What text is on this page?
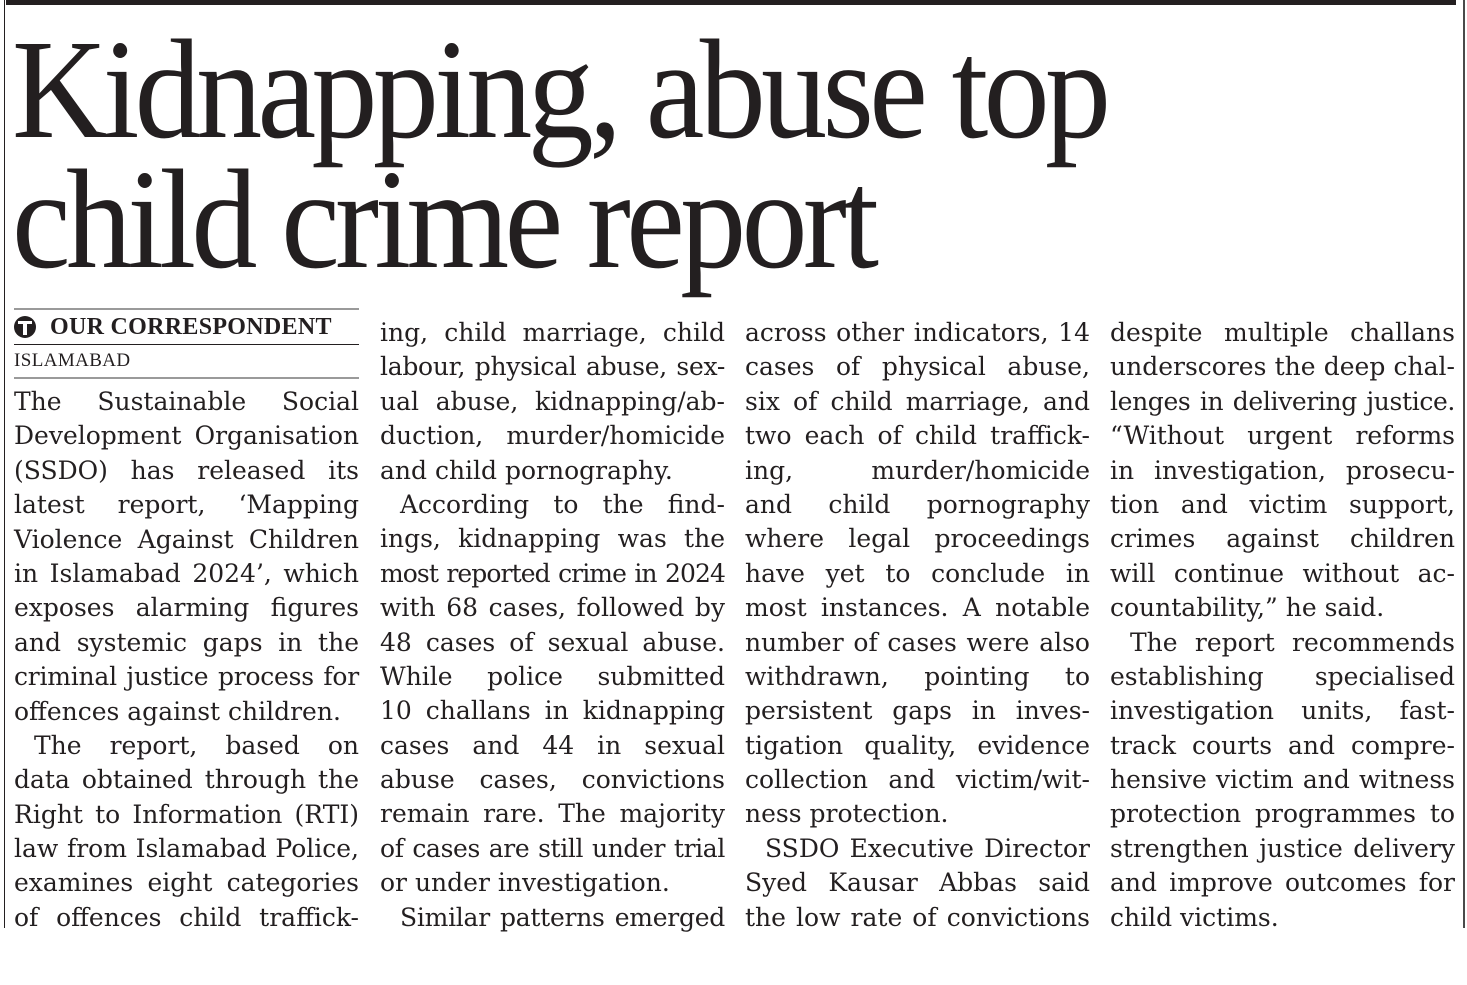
Kidnapping, abuse top
child crime report
OUR CORRESPONDENT
ISLAMABAD
The Sustainable Social
Development Organisation
(SSDO) has released its
latest report, ‘Mapping
Violence Against Children
in Islamabad 2024’, which
exposes alarming figures
and systemic gaps in the
criminal justice process for
offences against children.
The report, based on
data obtained through the
Right to Information (RTI)
law from Islamabad Police,
examines eight categories
of offences child traffick-
ing, child marriage, child
labour, physical abuse, sex-
ual abuse, kidnapping/ab-
duction, murder/homicide
and child pornography.
According to the find-
ings, kidnapping was the
most reported crime in 2024
with 68 cases, followed by
48 cases of sexual abuse.
While police submitted
10 challans in kidnapping
cases and 44 in sexual
abuse cases, convictions
remain rare. The majority
of cases are still under trial
or under investigation.
Similar patterns emerged
across other indicators, 14
cases of physical abuse,
six of child marriage, and
two each of child traffick-
ing, murder/homicide
and child pornography
where legal proceedings
have yet to conclude in
most instances. A notable
number of cases were also
withdrawn, pointing to
persistent gaps in inves-
tigation quality, evidence
collection and victim/wit-
ness protection.
SSDO Executive Director
Syed Kausar Abbas said
the low rate of convictions
despite multiple challans
underscores the deep chal-
lenges in delivering justice.
“Without urgent reforms
in investigation, prosecu-
tion and victim support,
crimes against children
will continue without ac-
countability,” he said.
The report recommends
establishing specialised
investigation units, fast-
track courts and compre-
hensive victim and witness
protection programmes to
strengthen justice delivery
and improve outcomes for
child victims.
